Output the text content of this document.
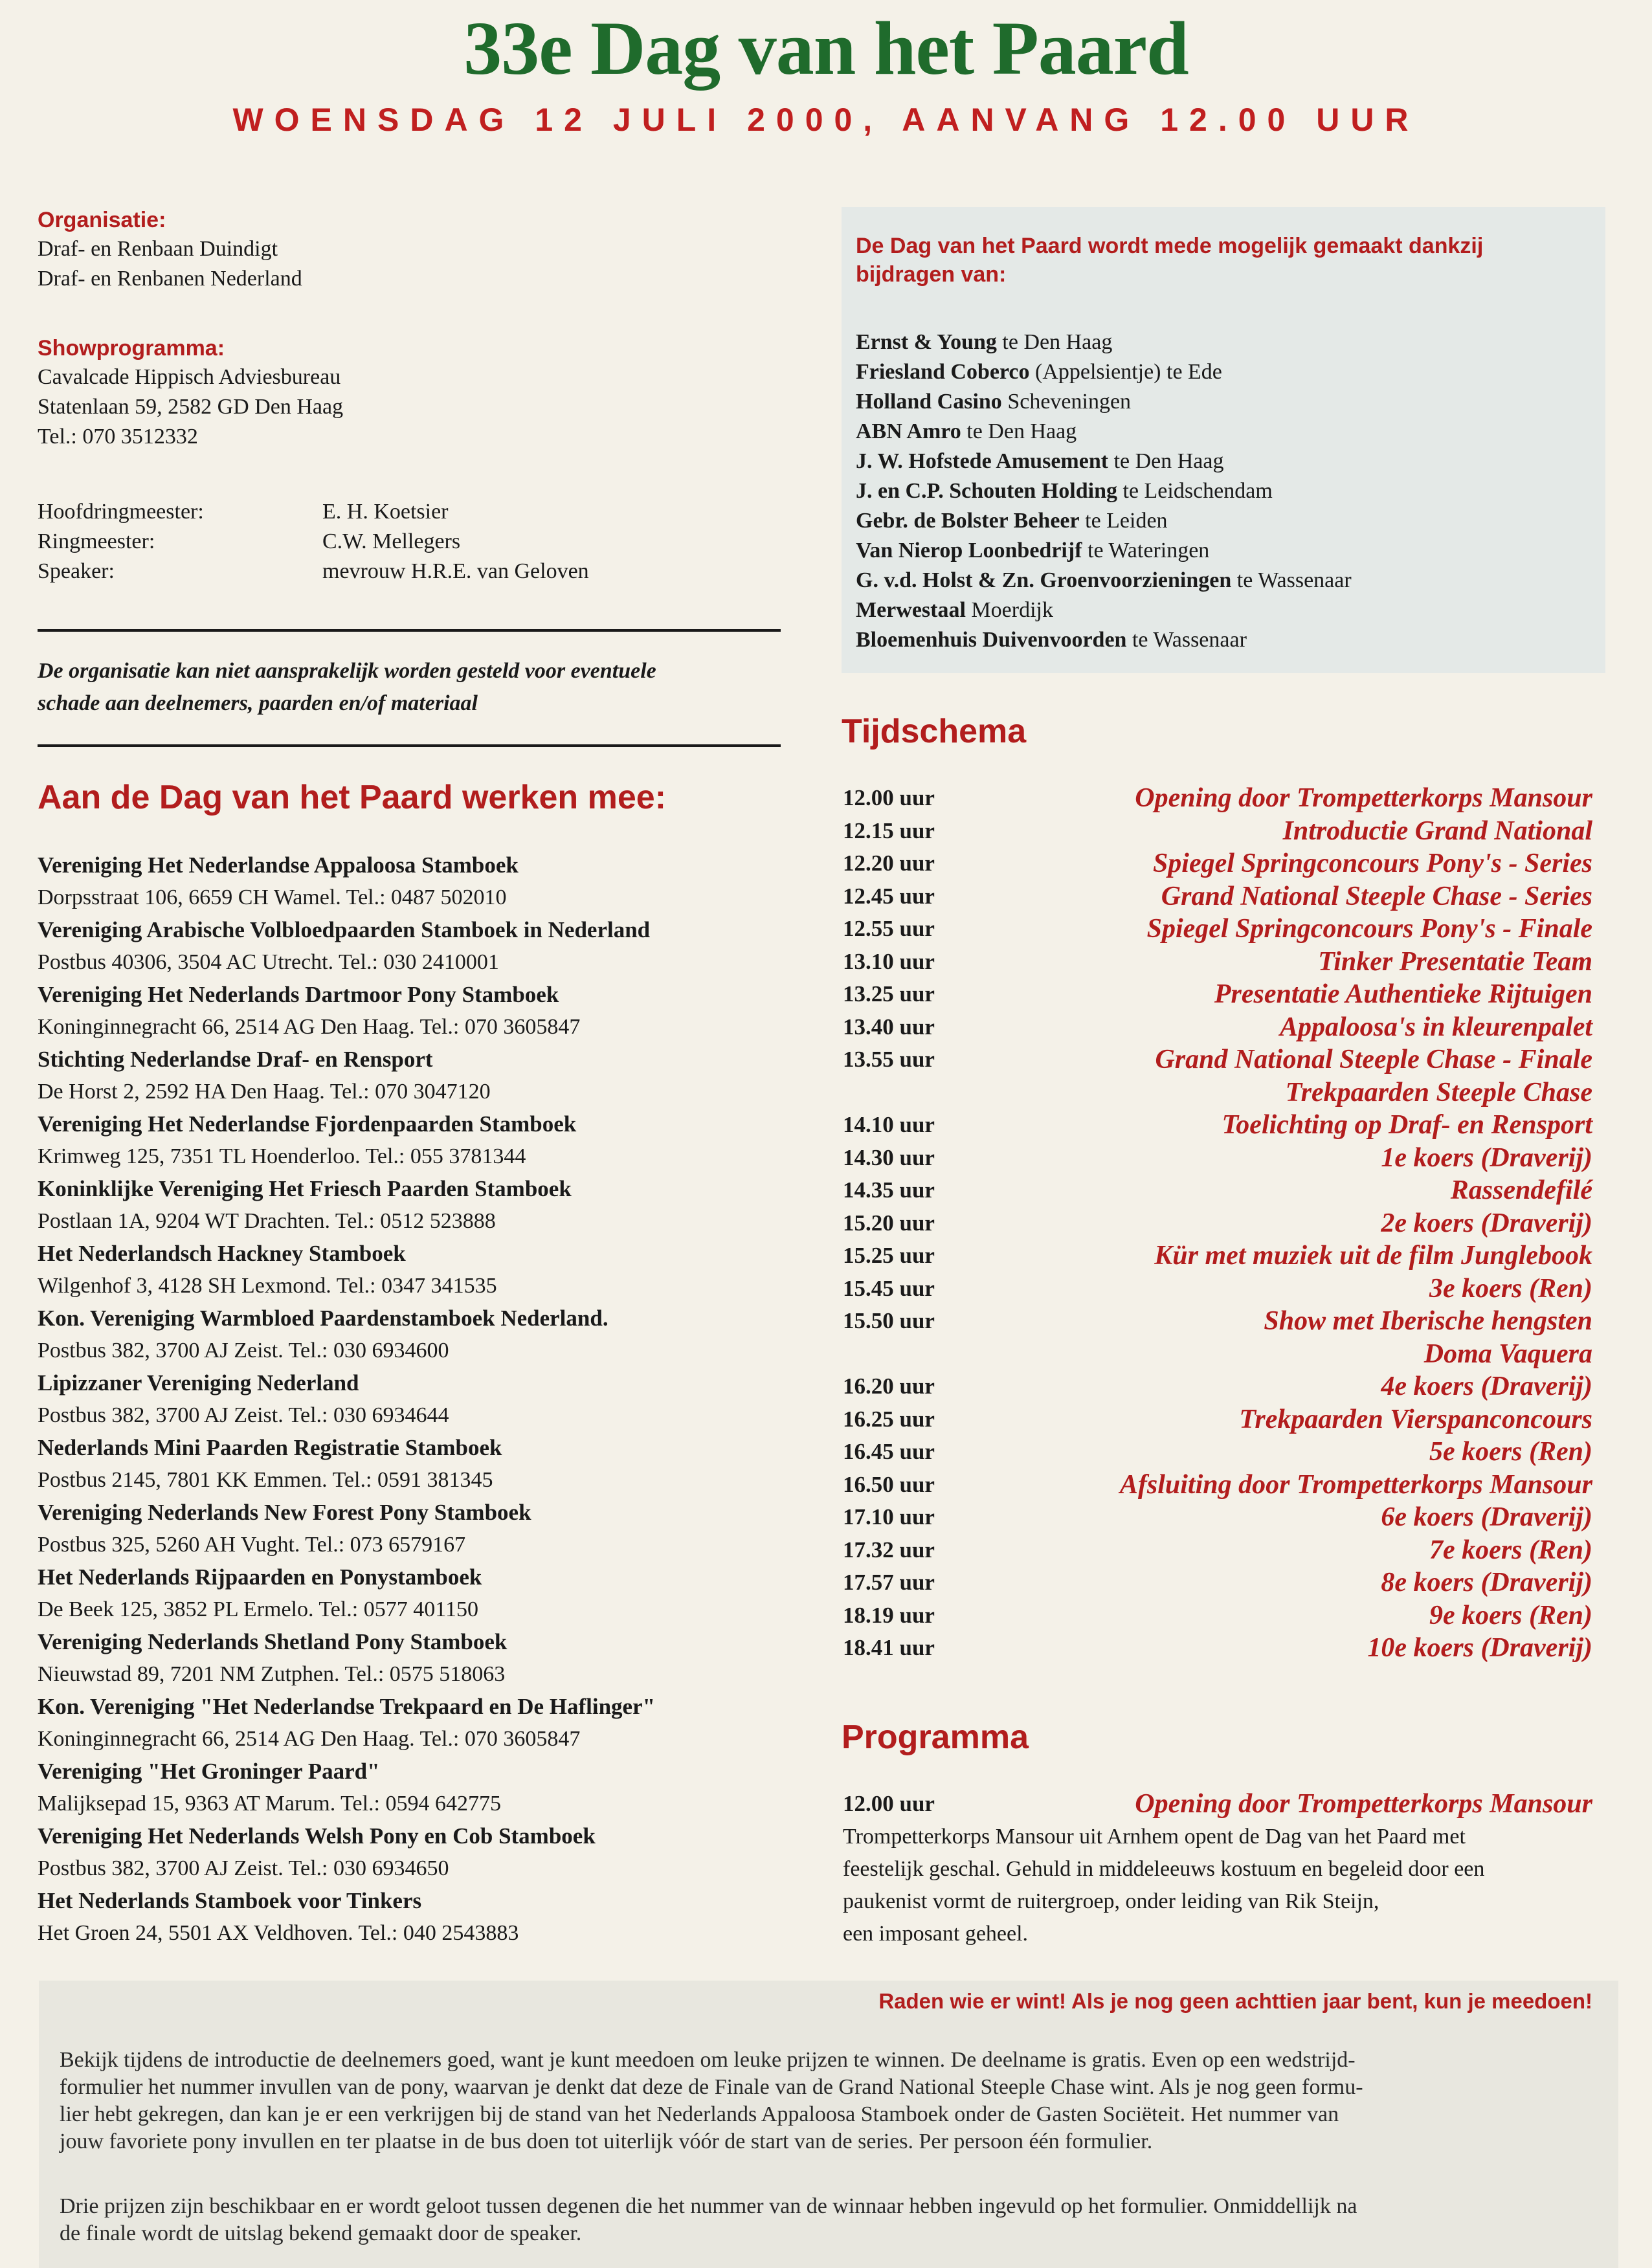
33e Dag van het Paard
WOENSDAG 12 JULI 2000, AANVANG 12.00 UUR
Organisatie:
Draf- en Renbaan Duindigt
Draf- en Renbanen Nederland
Showprogramma:
Cavalcade Hippisch Adviesbureau
Statenlaan 59, 2582 GD Den Haag
Tel.: 070 3512332
Hoofdringmeester:	E. H. Koetsier
Ringmeester:	C.W. Mellegers
Speaker:	mevrouw H.R.E. van Geloven
De organisatie kan niet aansprakelijk worden gesteld voor eventuele
schade aan deelnemers, paarden en/of materiaal
Aan de Dag van het Paard werken mee:
Vereniging Het Nederlandse Appaloosa Stamboek
Dorpsstraat 106, 6659 CH Wamel. Tel.: 0487 502010
Vereniging Arabische Volbloedpaarden Stamboek in Nederland
Postbus 40306, 3504 AC Utrecht. Tel.: 030 2410001
Vereniging Het Nederlands Dartmoor Pony Stamboek
Koninginnegracht 66, 2514 AG Den Haag. Tel.: 070 3605847
Stichting Nederlandse Draf- en Rensport
De Horst 2, 2592 HA Den Haag. Tel.: 070 3047120
Vereniging Het Nederlandse Fjordenpaarden Stamboek
Krimweg 125, 7351 TL Hoenderloo. Tel.: 055 3781344
Koninklijke Vereniging Het Friesch Paarden Stamboek
Postlaan 1A, 9204 WT Drachten. Tel.: 0512 523888
Het Nederlandsch Hackney Stamboek
Wilgenhof 3, 4128 SH Lexmond. Tel.: 0347 341535
Kon. Vereniging Warmbloed Paardenstamboek Nederland.
Postbus 382, 3700 AJ Zeist. Tel.: 030 6934600
Lipizzaner Vereniging Nederland
Postbus 382, 3700 AJ Zeist. Tel.: 030 6934644
Nederlands Mini Paarden Registratie Stamboek
Postbus 2145, 7801 KK Emmen. Tel.: 0591 381345
Vereniging Nederlands New Forest Pony Stamboek
Postbus 325, 5260 AH Vught. Tel.: 073 6579167
Het Nederlands Rijpaarden en Ponystamboek
De Beek 125, 3852 PL Ermelo. Tel.: 0577 401150
Vereniging Nederlands Shetland Pony Stamboek
Nieuwstad 89, 7201 NM Zutphen. Tel.: 0575 518063
Kon. Vereniging "Het Nederlandse Trekpaard en De Haflinger"
Koninginnegracht 66, 2514 AG Den Haag. Tel.: 070 3605847
Vereniging "Het Groninger Paard"
Malijksepad 15, 9363 AT Marum. Tel.: 0594 642775
Vereniging Het Nederlands Welsh Pony en Cob Stamboek
Postbus 382, 3700 AJ Zeist. Tel.: 030 6934650
Het Nederlands Stamboek voor Tinkers
Het Groen 24, 5501 AX Veldhoven. Tel.: 040 2543883
De Dag van het Paard wordt mede mogelijk gemaakt dankzij
bijdragen van:
Ernst & Young te Den Haag
Friesland Coberco (Appelsientje) te Ede
Holland Casino Scheveningen
ABN Amro te Den Haag
J. W. Hofstede Amusement te Den Haag
J. en C.P. Schouten Holding te Leidschendam
Gebr. de Bolster Beheer te Leiden
Van Nierop Loonbedrijf te Wateringen
G. v.d. Holst & Zn. Groenvoorzieningen te Wassenaar
Merwestaal Moerdijk
Bloemenhuis Duivenvoorden te Wassenaar
Tijdschema
12.00 uur	Opening door Trompetterkorps Mansour
12.15 uur	Introductie Grand National
12.20 uur	Spiegel Springconcours Pony's - Series
12.45 uur	Grand National Steeple Chase - Series
12.55 uur	Spiegel Springconcours Pony's - Finale
13.10 uur	Tinker Presentatie Team
13.25 uur	Presentatie Authentieke Rijtuigen
13.40 uur	Appaloosa's in kleurenpalet
13.55 uur	Grand National Steeple Chase - Finale
Trekpaarden Steeple Chase
14.10 uur	Toelichting op Draf- en Rensport
14.30 uur	1e koers (Draverij)
14.35 uur	Rassendefilé
15.20 uur	2e koers (Draverij)
15.25 uur	Kür met muziek uit de film Junglebook
15.45 uur	3e koers (Ren)
15.50 uur	Show met Iberische hengsten
Doma Vaquera
16.20 uur	4e koers (Draverij)
16.25 uur	Trekpaarden Vierspanconcours
16.45 uur	5e koers (Ren)
16.50 uur	Afsluiting door Trompetterkorps Mansour
17.10 uur	6e koers (Draverij)
17.32 uur	7e koers (Ren)
17.57 uur	8e koers (Draverij)
18.19 uur	9e koers (Ren)
18.41 uur	10e koers (Draverij)
Programma
12.00 uur	Opening door Trompetterkorps Mansour
Trompetterkorps Mansour uit Arnhem opent de Dag van het Paard met
feestelijk geschal. Gehuld in middeleeuws kostuum en begeleid door een
paukenist vormt de ruitergroep, onder leiding van Rik Steijn,
een imposant geheel.
Raden wie er wint! Als je nog geen achttien jaar bent, kun je meedoen!
Bekijk tijdens de introductie de deelnemers goed, want je kunt meedoen om leuke prijzen te winnen. De deelname is gratis. Even op een wedstrijd-
formulier het nummer invullen van de pony, waarvan je denkt dat deze de Finale van de Grand National Steeple Chase wint. Als je nog geen formu-
lier hebt gekregen, dan kan je er een verkrijgen bij de stand van het Nederlands Appaloosa Stamboek onder de Gasten Sociëteit. Het nummer van
jouw favoriete pony invullen en ter plaatse in de bus doen tot uiterlijk vóór de start van de series. Per persoon één formulier.
Drie prijzen zijn beschikbaar en er wordt geloot tussen degenen die het nummer van de winnaar hebben ingevuld op het formulier. Onmiddellijk na
de finale wordt de uitslag bekend gemaakt door de speaker.
